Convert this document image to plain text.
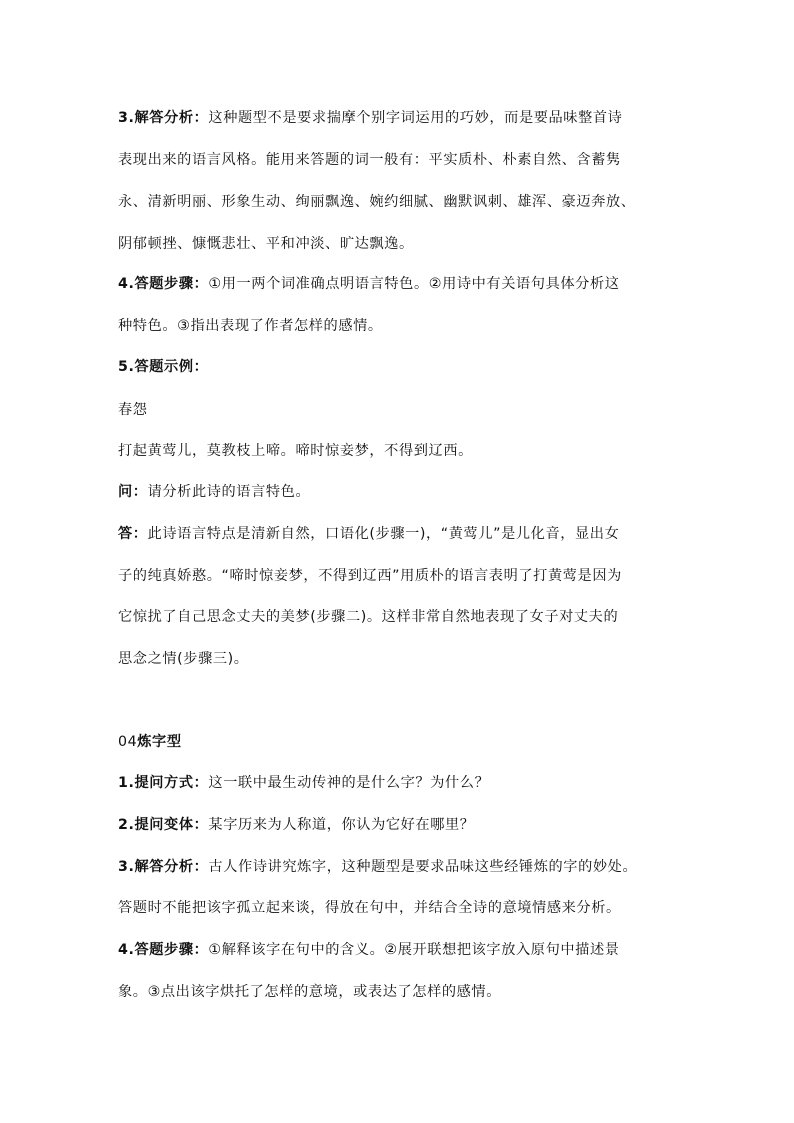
3.解答分析：这种题型不是要求揣摩个别字词运用的巧妙，而是要品味整首诗
表现出来的语言风格。能用来答题的词一般有：平实质朴、朴素自然、含蓄隽
永、清新明丽、形象生动、绚丽飘逸、婉约细腻、幽默讽刺、雄浑、豪迈奔放、
阴郁顿挫、慷慨悲壮、平和冲淡、旷达飘逸。
4.答题步骤：①用一两个词准确点明语言特色。②用诗中有关语句具体分析这
种特色。③指出表现了作者怎样的感情。
5.答题示例：
春怨
打起黄莺儿，莫教枝上啼。啼时惊妾梦，不得到辽西。
问：请分析此诗的语言特色。
答：此诗语言特点是清新自然，口语化(步骤一)，“黄莺儿”是儿化音，显出女
子的纯真娇憨。“啼时惊妾梦，不得到辽西”用质朴的语言表明了打黄莺是因为
它惊扰了自己思念丈夫的美梦(步骤二)。这样非常自然地表现了女子对丈夫的
思念之情(步骤三)。
04炼字型
1.提问方式：这一联中最生动传神的是什么字？为什么？
2.提问变体：某字历来为人称道，你认为它好在哪里？
3.解答分析：古人作诗讲究炼字，这种题型是要求品味这些经锤炼的字的妙处。
答题时不能把该字孤立起来谈，得放在句中，并结合全诗的意境情感来分析。
4.答题步骤：①解释该字在句中的含义。②展开联想把该字放入原句中描述景
象。③点出该字烘托了怎样的意境，或表达了怎样的感情。
